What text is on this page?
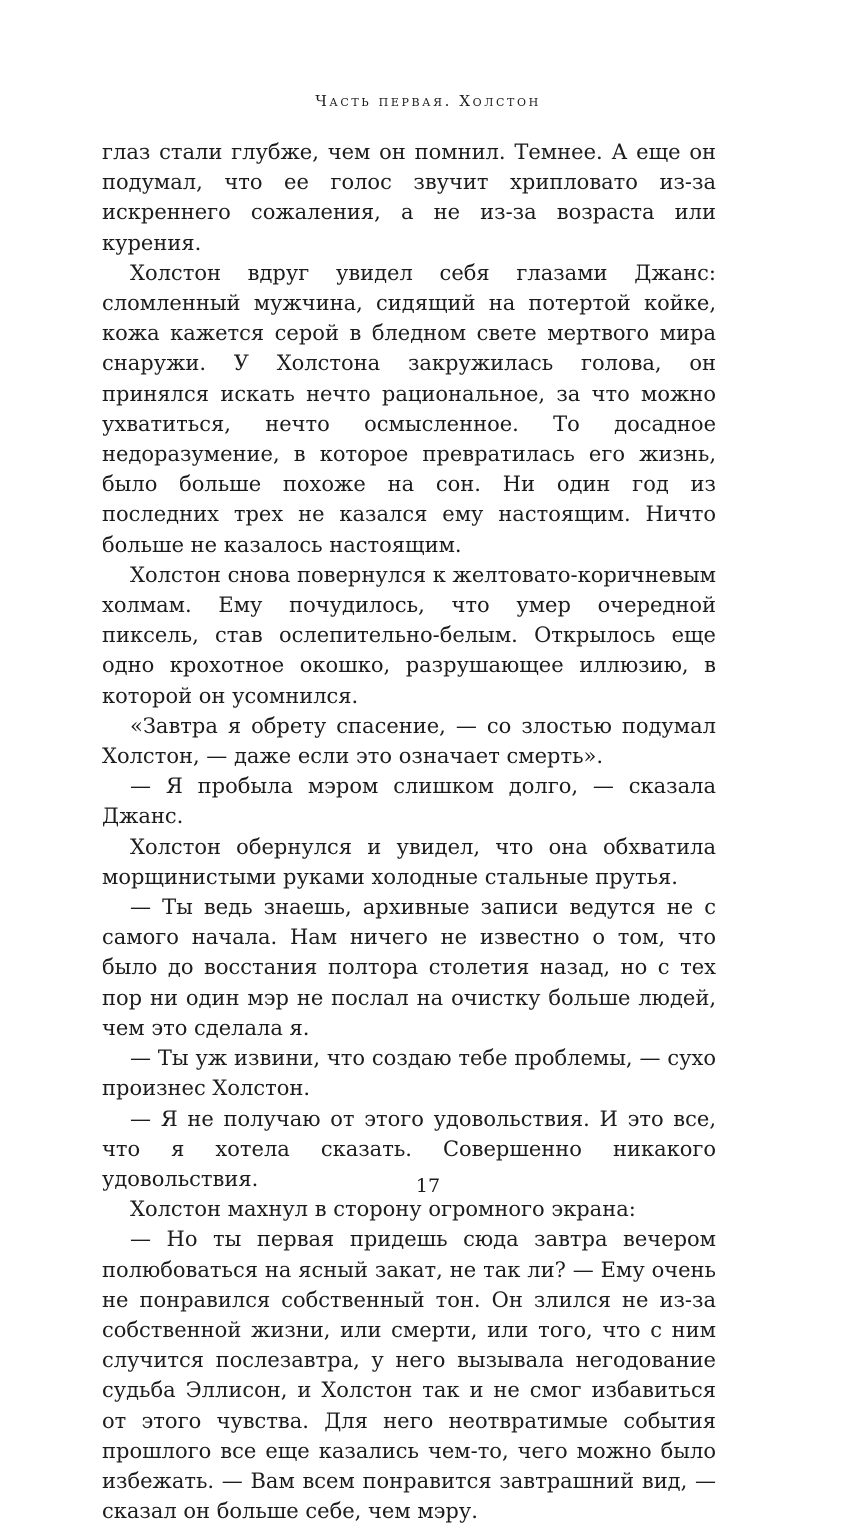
Часть первая. Холстон

глаз стали глубже, чем он помнил. Темнее. А еще он подумал, что ее голос звучит хрипловато из-за искреннего сожаления, а не из-за возраста или курения.

Холстон вдруг увидел себя глазами Джанс: сломленный мужчина, сидящий на потертой койке, кожа кажется серой в бледном свете мертвого мира снаружи. У Холстона закружилась голова, он принялся искать нечто рациональное, за что можно ухватиться, нечто осмысленное. То досадное недоразумение, в которое превратилась его жизнь, было больше похоже на сон. Ни один год из последних трех не казался ему настоящим. Ничто больше не казалось настоящим.

Холстон снова повернулся к желтовато-коричневым холмам. Ему почудилось, что умер очередной пиксель, став ослепительно-белым. Открылось еще одно крохотное окошко, разрушающее иллюзию, в которой он усомнился.

«Завтра я обрету спасение, — со злостью подумал Холстон, — даже если это означает смерть».

— Я пробыла мэром слишком долго, — сказала Джанс.

Холстон обернулся и увидел, что она обхватила морщинистыми руками холодные стальные прутья.

— Ты ведь знаешь, архивные записи ведутся не с самого начала. Нам ничего не известно о том, что было до восстания полтора столетия назад, но с тех пор ни один мэр не послал на очистку больше людей, чем это сделала я.

— Ты уж извини, что создаю тебе проблемы, — сухо произнес Холстон.

— Я не получаю от этого удовольствия. И это все, что я хотела сказать. Совершенно никакого удовольствия.

Холстон махнул в сторону огромного экрана:

— Но ты первая придешь сюда завтра вечером полюбоваться на ясный закат, не так ли? — Ему очень не понравился собственный тон. Он злился не из-за собственной жизни, или смерти, или того, что с ним случится послезавтра, у него вызывала негодование судьба Эллисон, и Холстон так и не смог избавиться от этого чувства. Для него неотвратимые события прошлого все еще казались чем-то, чего можно было избежать. — Вам всем понравится завтрашний вид, — сказал он больше себе, чем мэру.

17
